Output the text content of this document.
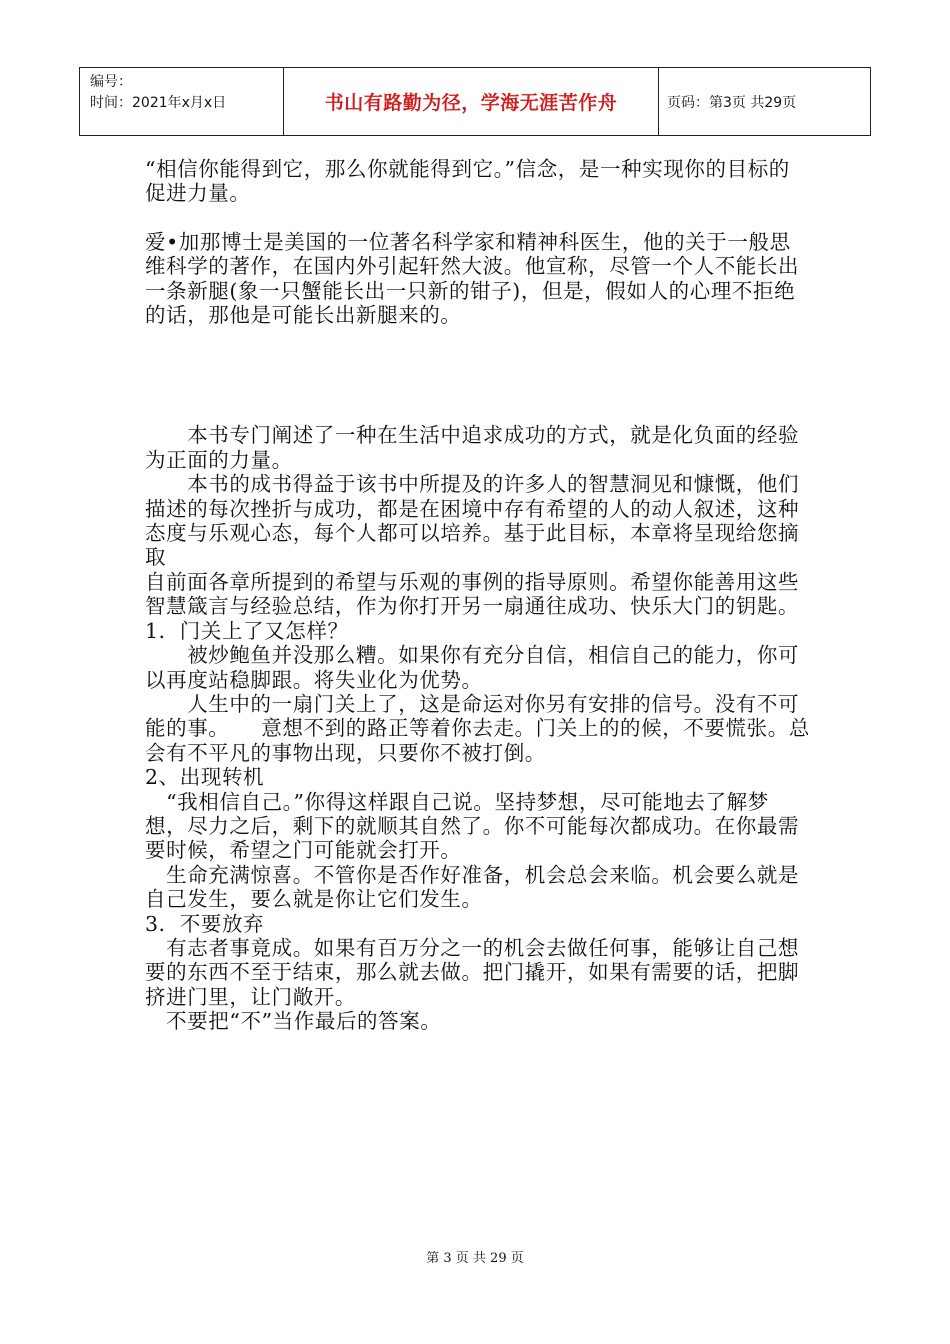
编号：
时间：2021年x月x日	书山有路勤为径，学海无涯苦作舟	页码：第3页 共29页

“相信你能得到它，那么你就能得到它。”信念，是一种实现你的目标的促进力量。

爱•加那博士是美国的一位著名科学家和精神科医生，他的关于一般思维科学的著作，在国内外引起轩然大波。他宣称，尽管一个人不能长出一条新腿(象一只蟹能长出一只新的钳子)，但是，假如人的心理不拒绝的话，那他是可能长出新腿来的。

　　本书专门阐述了一种在生活中追求成功的方式，就是化负面的经验为正面的力量。

　　本书的成书得益于该书中所提及的许多人的智慧洞见和慷慨，他们描述的每次挫折与成功，都是在困境中存有希望的人的动人叙述，这种态度与乐观心态，每个人都可以培养。基于此目标，本章将呈现给您摘取

自前面各章所提到的希望与乐观的事例的指导原则。希望你能善用这些智慧箴言与经验总结，作为你打开另一扇通往成功、快乐大门的钥匙。

1．门关上了又怎样？

　　被炒鲍鱼并没那么糟。如果你有充分自信，相信自己的能力，你可以再度站稳脚跟。将失业化为优势。

　　人生中的一扇门关上了，这是命运对你另有安排的信号。没有不可能的事。　　意想不到的路正等着你去走。门关上的的候，不要慌张。总会有不平凡的事物出现，只要你不被打倒。

2、出现转机

　“我相信自己。”你得这样跟自己说。坚持梦想，尽可能地去了解梦想，尽力之后，剩下的就顺其自然了。你不可能每次都成功。在你最需要时候，希望之门可能就会打开。

　生命充满惊喜。不管你是否作好准备，机会总会来临。机会要么就是自己发生，要么就是你让它们发生。

3．不要放弃

　有志者事竟成。如果有百万分之一的机会去做任何事，能够让自己想要的东西不至于结束，那么就去做。把门撬开，如果有需要的话，把脚挤进门里，让门敞开。

　不要把“不”当作最后的答案。

第 3 页 共 29 页
